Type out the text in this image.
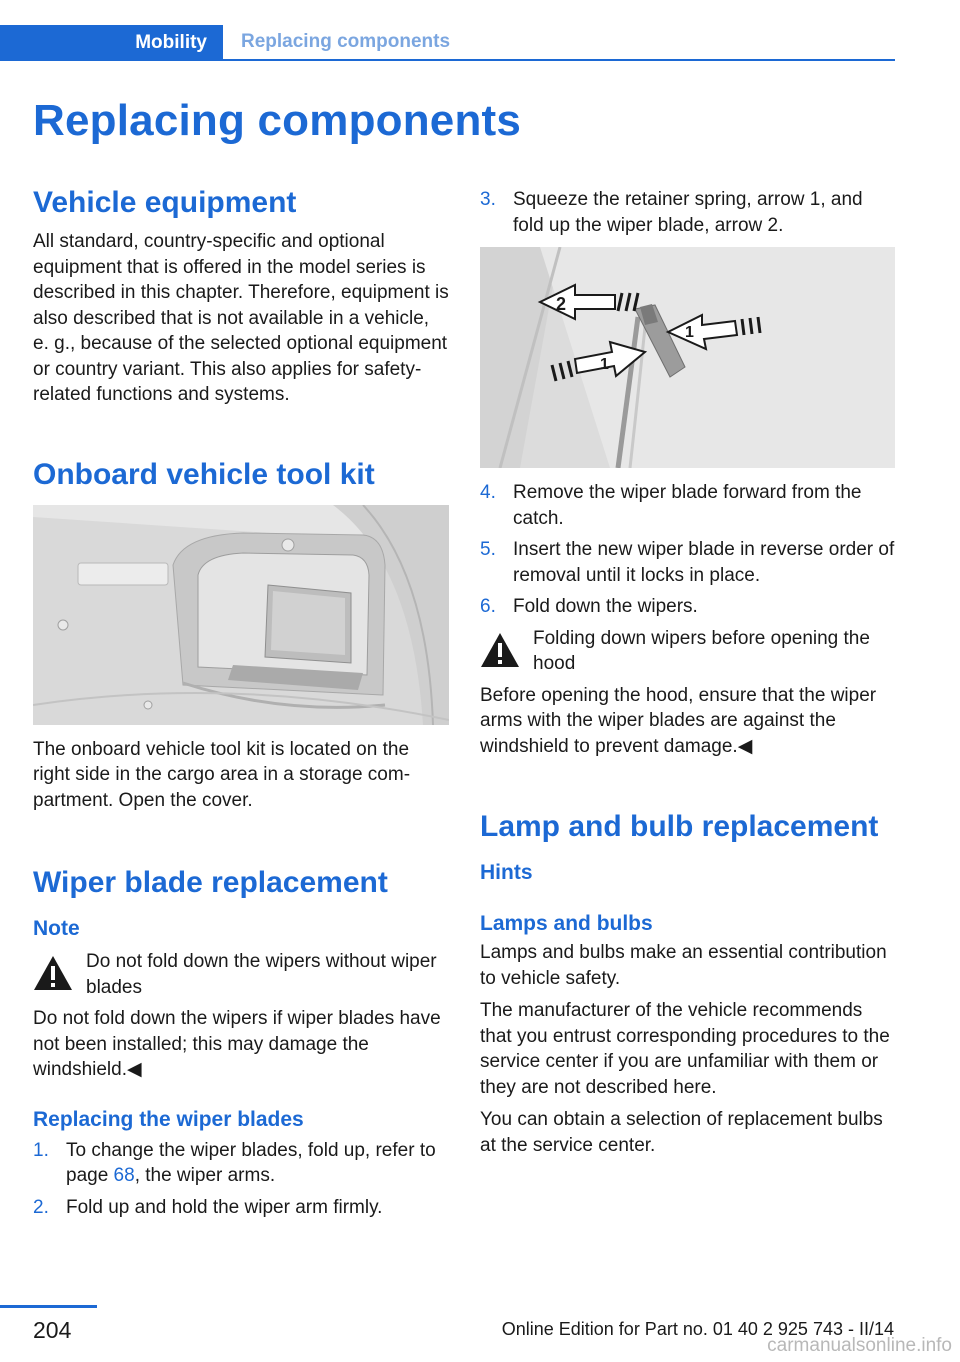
Mobility	Replacing components
Replacing components
Vehicle equipment

All standard, country-specific and optional equipment that is offered in the model series is described in this chapter. Therefore, equipment is also described that is not available in a vehicle, e. g., because of the selected optional equipment or country variant. This also applies for safety-related functions and systems.

Onboard vehicle tool kit

The onboard vehicle tool kit is located on the right side in the cargo area in a storage compartment. Open the cover.

Wiper blade replacement
Note

Do not fold down the wipers without wiper blades

Do not fold down the wipers if wiper blades have not been installed; this may damage the windshield.◀

Replacing the wiper blades
1. To change the wiper blades, fold up, refer to page 68, the wiper arms.
2. Fold up and hold the wiper arm firmly.
3. Squeeze the retainer spring, arrow 1, and fold up the wiper blade, arrow 2.
2
1
1
4. Remove the wiper blade forward from the catch.
5. Insert the new wiper blade in reverse order of removal until it locks in place.
6. Fold down the wipers.

Folding down wipers before opening the hood

Before opening the hood, ensure that the wiper arms with the wiper blades are against the windshield to prevent damage.◀

Lamp and bulb replacement
Hints
Lamps and bulbs

Lamps and bulbs make an essential contribution to vehicle safety.

The manufacturer of the vehicle recommends that you entrust corresponding procedures to the service center if you are unfamiliar with them or they are not described here.

You can obtain a selection of replacement bulbs at the service center.

204	Online Edition for Part no. 01 40 2 925 743 - II/14
carmanualsonline.info
